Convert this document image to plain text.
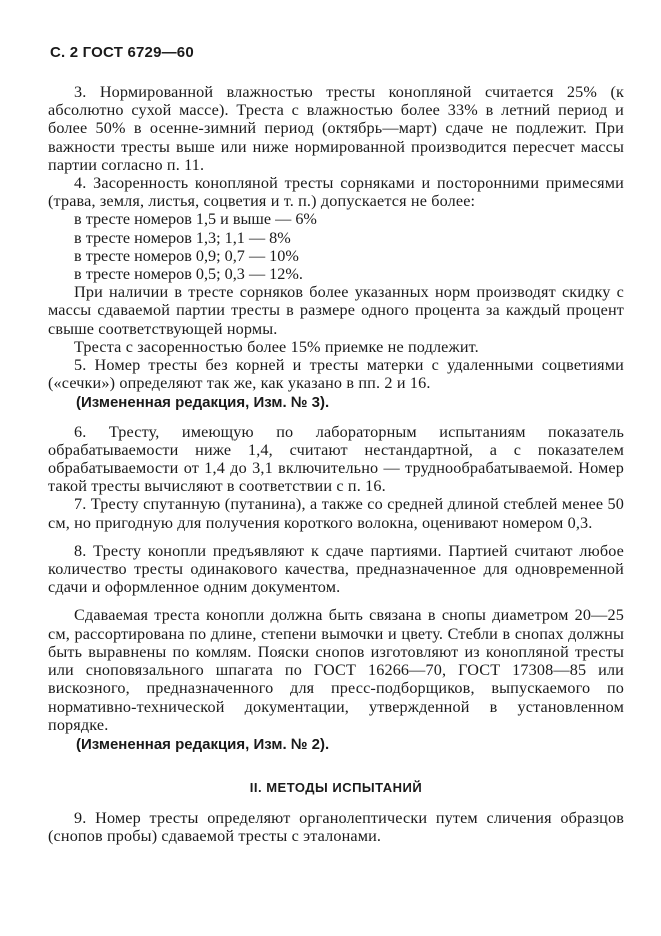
С. 2 ГОСТ 6729—60

3. Нормированной влажностью тресты конопляной считается 25% (к абсолютно сухой массе). Треста с влажностью более 33% в летний период и более 50% в осенне-зимний период (октябрь—март) сдаче не подлежит. При важности тресты выше или ниже нормированной производится пересчет массы партии согласно п. 11.

4. Засоренность конопляной тресты сорняками и посторонними примесями (трава, земля, листья, соцветия и т. п.) допускается не более:

в тресте номеров 1,5 и выше — 6%
в тресте номеров 1,3; 1,1 — 8%
в тресте номеров 0,9; 0,7 — 10%
в тресте номеров 0,5; 0,3 — 12%.

При наличии в тресте сорняков более указанных норм производят скидку с массы сдаваемой партии тресты в размере одного процента за каждый процент свыше соответствующей нормы.

Треста с засоренностью более 15% приемке не подлежит.

5. Номер тресты без корней и тресты матерки с удаленными соцветиями («сечки») определяют так же, как указано в пп. 2 и 16.

(Измененная редакция, Изм. № 3).

6. Тресту, имеющую по лабораторным испытаниям показатель обрабатываемости ниже 1,4, считают нестандартной, а с показателем обрабатываемости от 1,4 до 3,1 включительно — труднообрабатываемой. Номер такой тресты вычисляют в соответствии с п. 16.

7. Тресту спутанную (путанина), а также со средней длиной стеблей менее 50 см, но пригодную для получения короткого волокна, оценивают номером 0,3.

8. Тресту конопли предъявляют к сдаче партиями. Партией считают любое количество тресты одинакового качества, предназначенное для одновременной сдачи и оформленное одним документом.

Сдаваемая треста конопли должна быть связана в снопы диаметром 20—25 см, рассортирована по длине, степени вымочки и цвету. Стебли в снопах должны быть выравнены по комлям. Пояски снопов изготовляют из конопляной тресты или сноповязального шпагата по ГОСТ 16266—70, ГОСТ 17308—85 или вискозного, предназначенного для пресс-подборщиков, выпускаемого по нормативно-технической документации, утвержденной в установленном порядке.

(Измененная редакция, Изм. № 2).
II. МЕТОДЫ ИСПЫТАНИЙ

9. Номер тресты определяют органолептически путем сличения образцов (снопов пробы) сдаваемой тресты с эталонами.
